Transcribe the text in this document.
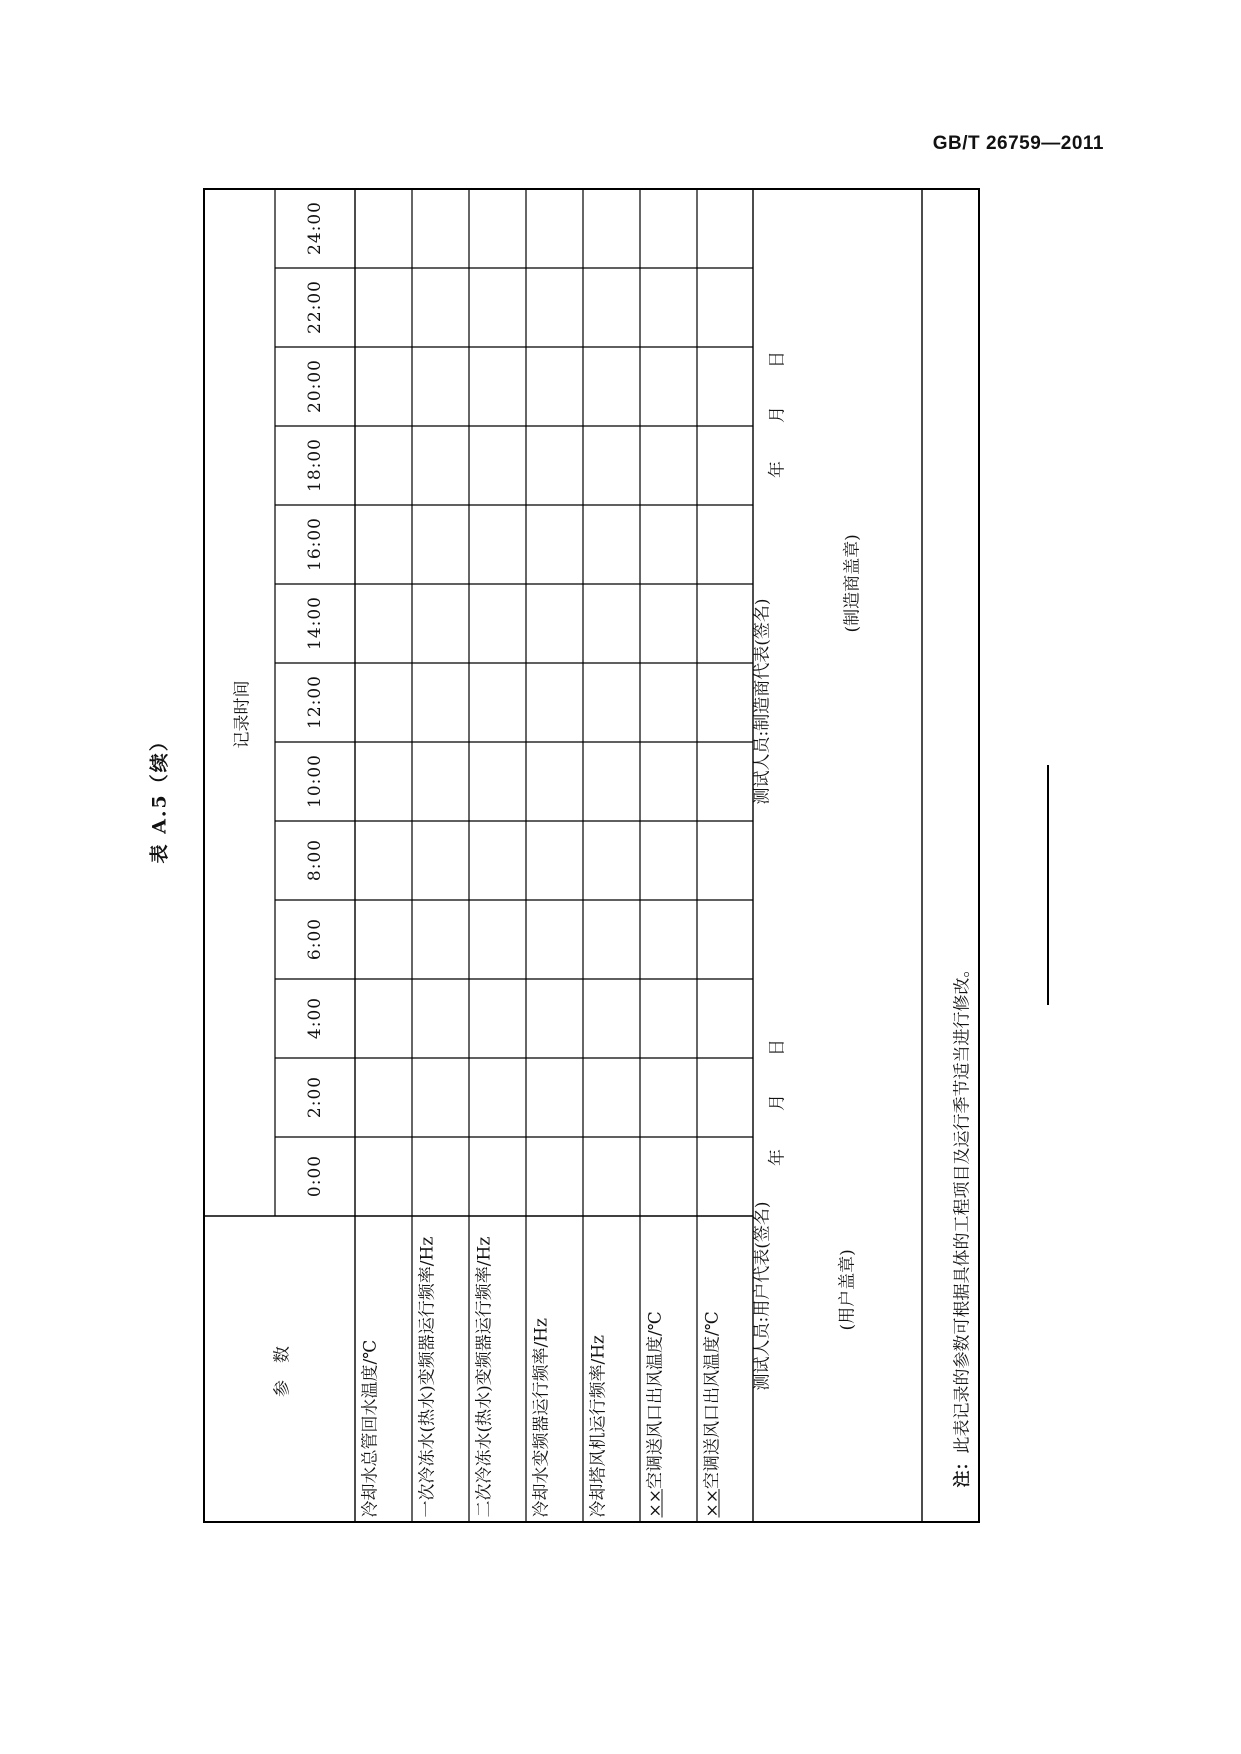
GB/T 26759—2011
表 A.5（续）
参　数
记录时间
0:00
2:00
4:00
6:00
8:00
10:00
12:00
14:00
16:00
18:00
20:00
22:00
24:00
冷却水总管回水温度/℃ 一次冷冻水(热水)变频器运行频率/Hz 二次冷冻水(热水)变频器运行频率/Hz 冷却水变频器运行频率/Hz 冷却塔风机运行频率/Hz ××空调送风口出风温度/℃
××空调送风口出风温度/℃
测试人员:用户代表(签名)	(用户盖章)
年
月
日
测试人员:制造商代表(签名)
(制造商盖章)
年
月
日
注：此表记录的参数可根据具体的工程项目及运行季节适当进行修改。
